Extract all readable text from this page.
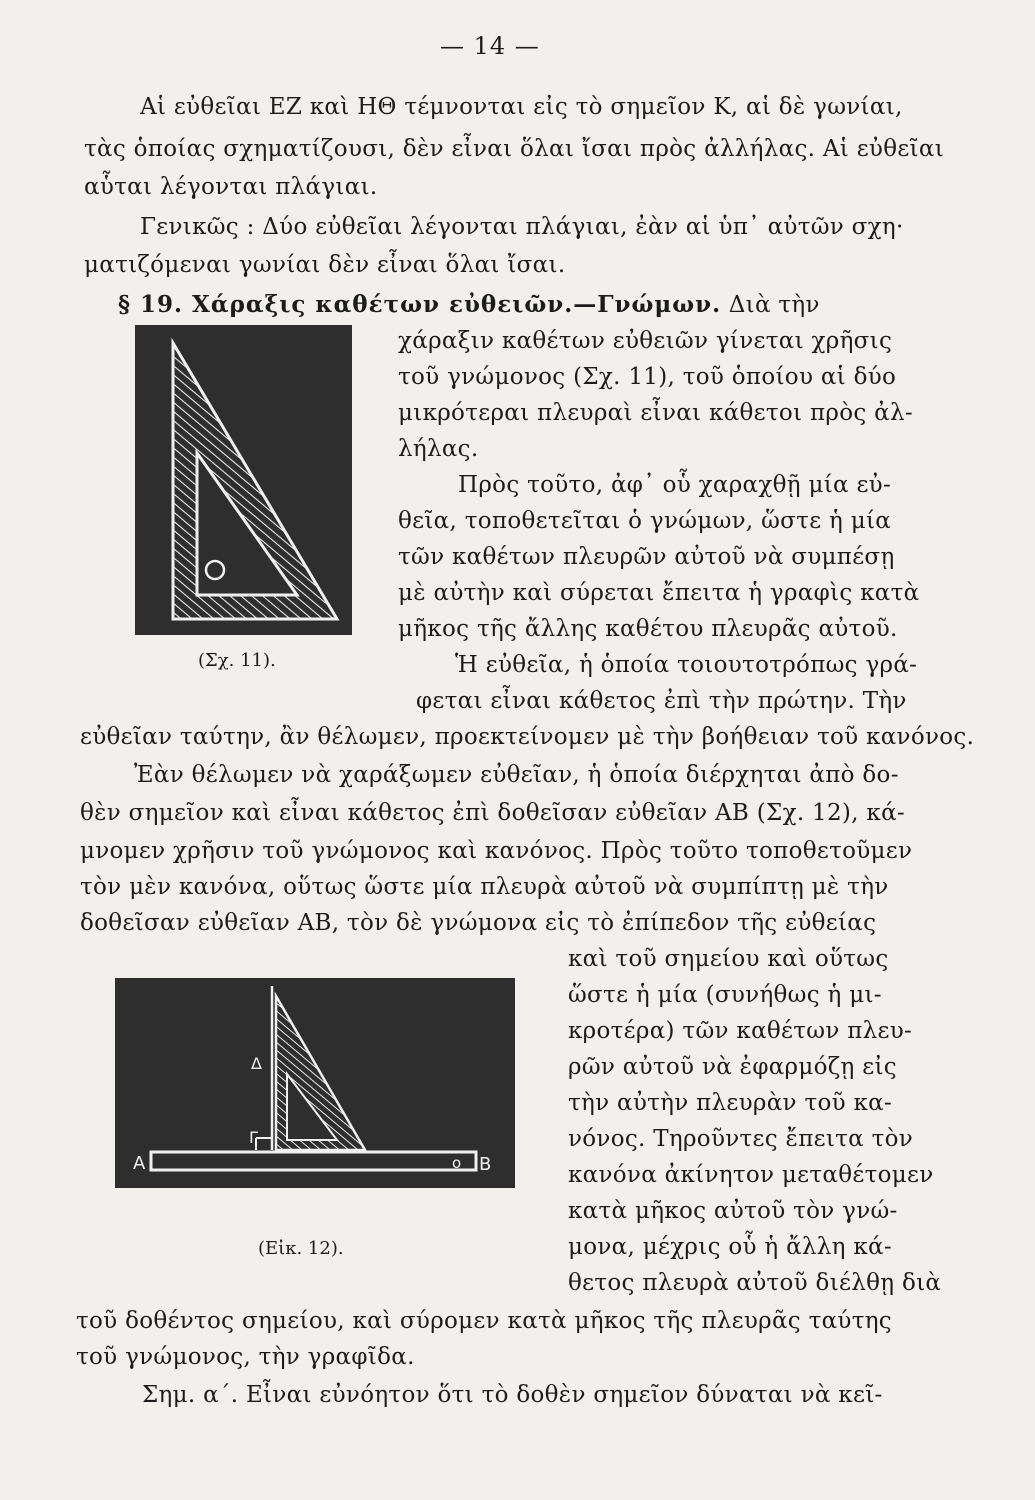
— 14 —
Αἱ εὐθεῖαι ΕΖ καὶ ΗΘ τέμνονται εἰς τὸ σημεῖον Κ, αἱ δὲ γωνίαι,
τὰς ὁποίας σχηματίζουσι, δὲν εἶναι ὅλαι ἴσαι πρὸς ἀλλήλας. Αἱ εὐθεῖαι
αὗται λέγονται πλάγιαι.
Γενικῶς : Δύο εὐθεῖαι λέγονται πλάγιαι, ἐὰν αἱ ὑπ᾽ αὐτῶν σχη·
ματιζόμεναι γωνίαι δὲν εἶναι ὅλαι ἴσαι.
§ 19. Χάραξις καθέτων εὐθειῶν.—Γνώμων. Διὰ τὴν
(Σχ. 11).
χάραξιν καθέτων εὐθειῶν γίνεται χρῆσις
τοῦ γνώμονος (Σχ. 11), τοῦ ὁποίου αἱ δύο
μικρότεραι πλευραὶ εἶναι κάθετοι πρὸς ἀλ-
λήλας.
Πρὸς τοῦτο, ἀφ᾽ οὗ χαραχθῇ μία εὐ-
θεῖα, τοποθετεῖται ὁ γνώμων, ὥστε ἡ μία
τῶν καθέτων πλευρῶν αὐτοῦ νὰ συμπέσῃ
μὲ αὐτὴν καὶ σύρεται ἔπειτα ἡ γραφὶς κατὰ
μῆκος τῆς ἄλλης καθέτου πλευρᾶς αὐτοῦ.
Ἡ εὐθεῖα, ἡ ὁποία τοιουτοτρόπως γρά-
φεται εἶναι κάθετος ἐπὶ τὴν πρώτην. Τὴν
εὐθεῖαν ταύτην, ἂν θέλωμεν, προεκτείνομεν μὲ τὴν βοήθειαν τοῦ κανόνος.
Ἐὰν θέλωμεν νὰ χαράξωμεν εὐθεῖαν, ἡ ὁποία διέρχηται ἀπὸ δο-
θὲν σημεῖον καὶ εἶναι κάθετος ἐπὶ δοθεῖσαν εὐθεῖαν ΑΒ (Σχ. 12), κά-
μνομεν χρῆσιν τοῦ γνώμονος καὶ κανόνος. Πρὸς τοῦτο τοποθετοῦμεν
τὸν μὲν κανόνα, οὕτως ὥστε μία πλευρὰ αὐτοῦ νὰ συμπίπτῃ μὲ τὴν
δοθεῖσαν εὐθεῖαν ΑΒ, τὸν δὲ γνώμονα εἰς τὸ ἐπίπεδον τῆς εὐθείας
Δ
Γ
Α	Β
o
(Εἰκ. 12).
καὶ τοῦ σημείου καὶ οὕτως
ὥστε ἡ μία (συνήθως ἡ μι-
κροτέρα) τῶν καθέτων πλευ-
ρῶν αὐτοῦ νὰ ἐφαρμόζῃ εἰς
τὴν αὐτὴν πλευρὰν τοῦ κα-
νόνος. Τηροῦντες ἔπειτα τὸν
κανόνα ἀκίνητον μεταθέτομεν
κατὰ μῆκος αὐτοῦ τὸν γνώ-
μονα, μέχρις οὗ ἡ ἄλλη κά-
θετος πλευρὰ αὐτοῦ διέλθῃ διὰ
τοῦ δοθέντος σημείου, καὶ σύρομεν κατὰ μῆκος τῆς πλευρᾶς ταύτης
τοῦ γνώμονος, τὴν γραφῖδα.
Σημ. α΄. Εἶναι εὐνόητον ὅτι τὸ δοθὲν σημεῖον δύναται νὰ κεῖ-
